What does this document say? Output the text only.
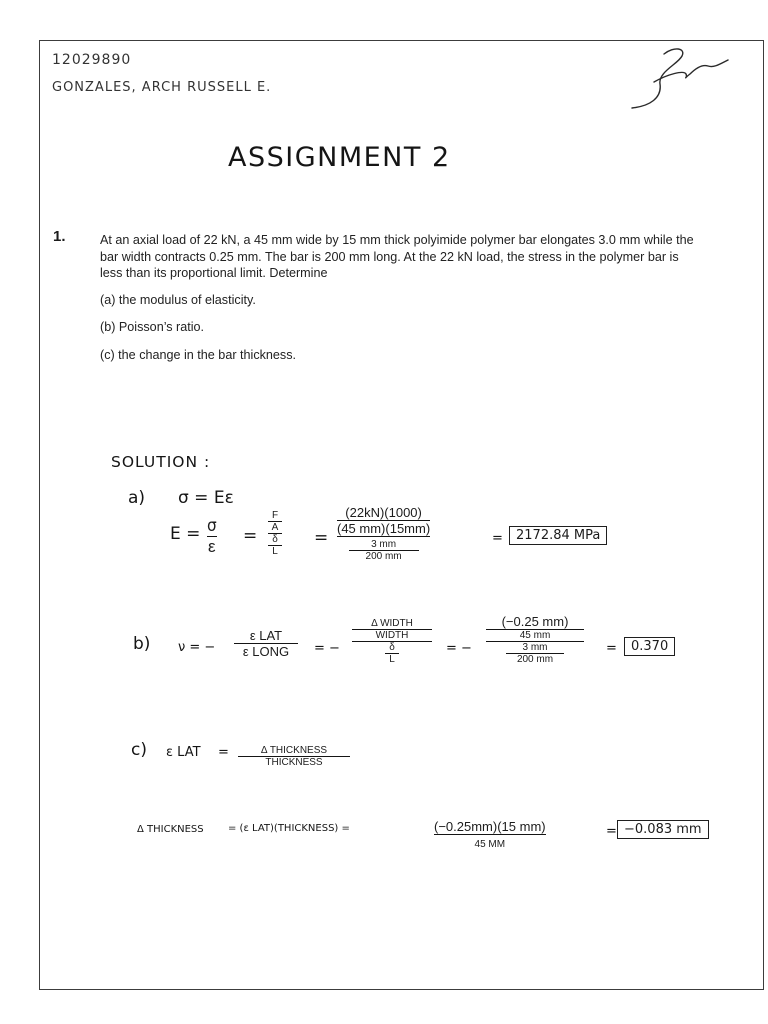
12029890
GONZALES, ARCH RUSSELL E.
ASSIGNMENT 2
1.	At an axial load of 22 kN, a 45 mm wide by 15 mm thick polyimide polymer bar elongates 3.0 mm while the bar width contracts 0.25 mm. The bar is 200 mm long. At the 22 kN load, the stress in the polymer bar is less than its proportional limit. Determine
(a) the modulus of elasticity.
(b) Poisson’s ratio.
(c) the change in the bar thickness.
SOLUTION :
a) σ = Eε
E = σ
ε
=
F
A
δ
L
=
(22kN)(1000)
(45 mm)(15mm)
3 mm
200 mm
=	2172.84 MPa
b) ν = −
ε LAT
ε LONG = −
Δ WIDTH
WIDTH
δ
L
= −
(−0.25 mm)
45 mm
3 mm
200 mm
=	0.370
c) ε LAT =	Δ THICKNESS
THICKNESS
Δ THICKNESS = (ε LAT)(THICKNESS) =	(−0.25mm)(15 mm)
45 MM
= −0.083 mm
